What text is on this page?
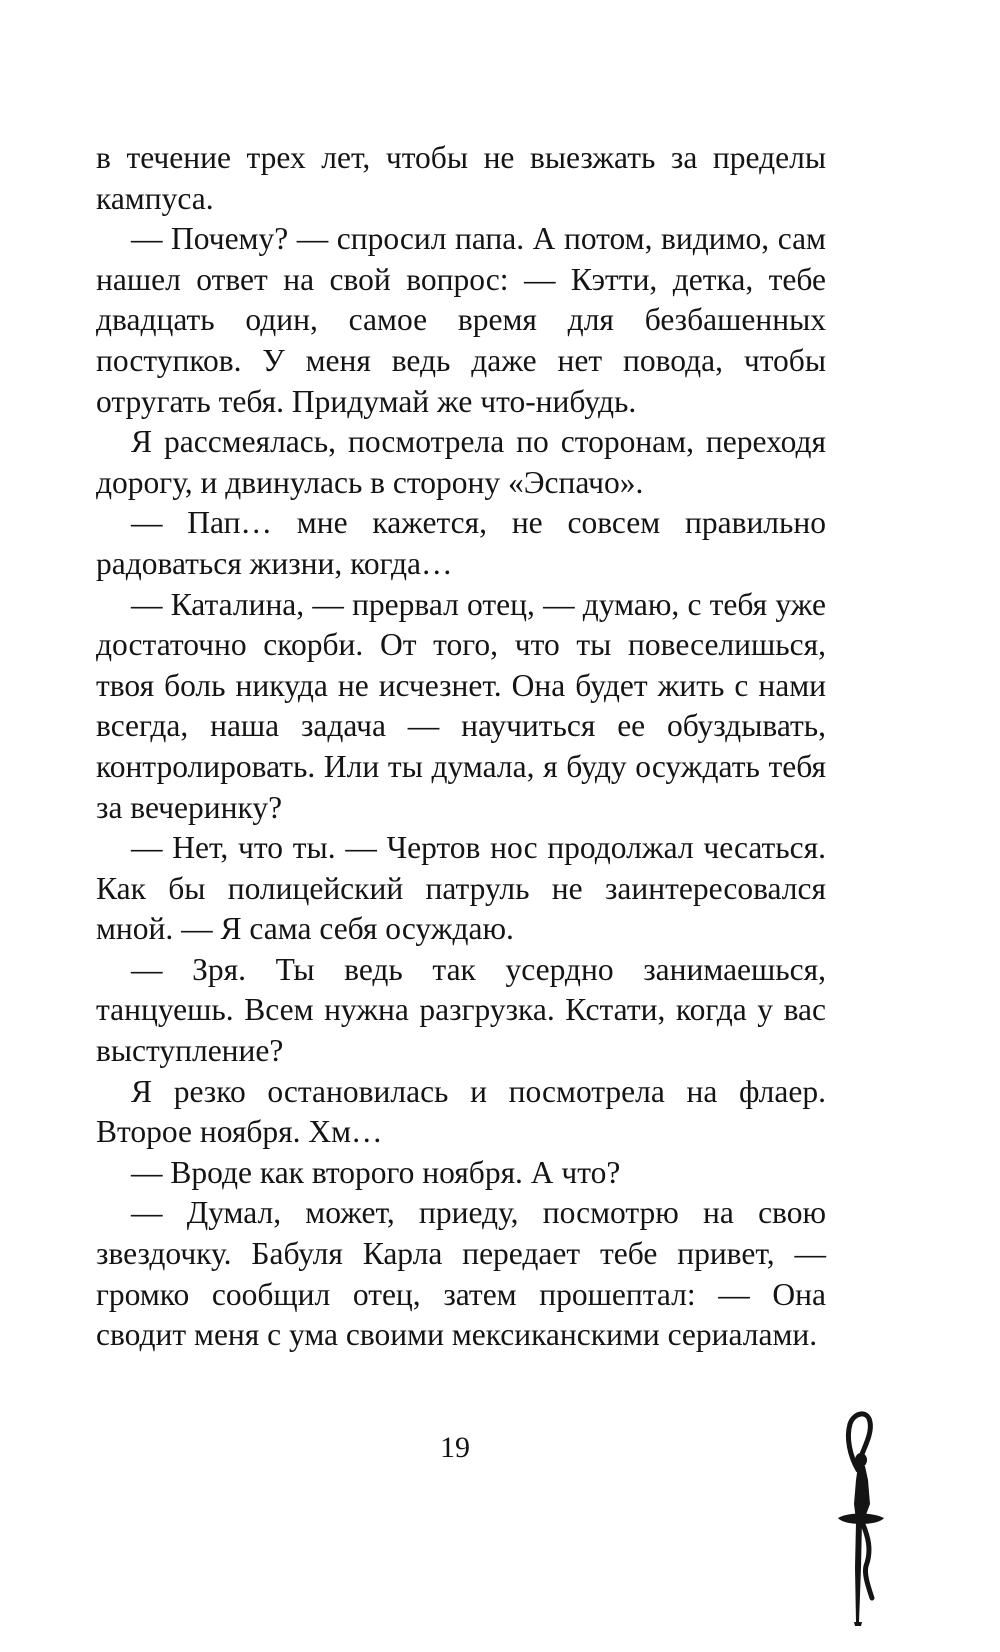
в течение трех лет, чтобы не выезжать за пределы кампуса.

— Почему? — спросил папа. А потом, видимо, сам нашел ответ на свой вопрос: — Кэтти, детка, тебе двадцать один, самое время для безбашенных поступков. У меня ведь даже нет повода, чтобы отругать тебя. Придумай же что-нибудь.

Я рассмеялась, посмотрела по сторонам, переходя дорогу, и двинулась в сторону «Эспачо».

— Пап… мне кажется, не совсем правильно радоваться жизни, когда…

— Каталина, — прервал отец, — думаю, с тебя уже достаточно скорби. От того, что ты повеселишься, твоя боль никуда не исчезнет. Она будет жить с нами всегда, наша задача — научиться ее обуздывать, контролировать. Или ты думала, я буду осуждать тебя за вечеринку?

— Нет, что ты. — Чертов нос продолжал чесаться. Как бы полицейский патруль не заинтересовался мной. — Я сама себя осуждаю.

— Зря. Ты ведь так усердно занимаешься, танцуешь. Всем нужна разгрузка. Кстати, когда у вас выступление?

Я резко остановилась и посмотрела на флаер. Второе ноября. Хм…

— Вроде как второго ноября. А что?

— Думал, может, приеду, посмотрю на свою звездочку. Бабуля Карла передает тебе привет, — громко сообщил отец, затем прошептал: — Она сводит меня с ума своими мексиканскими сериалами.

19
